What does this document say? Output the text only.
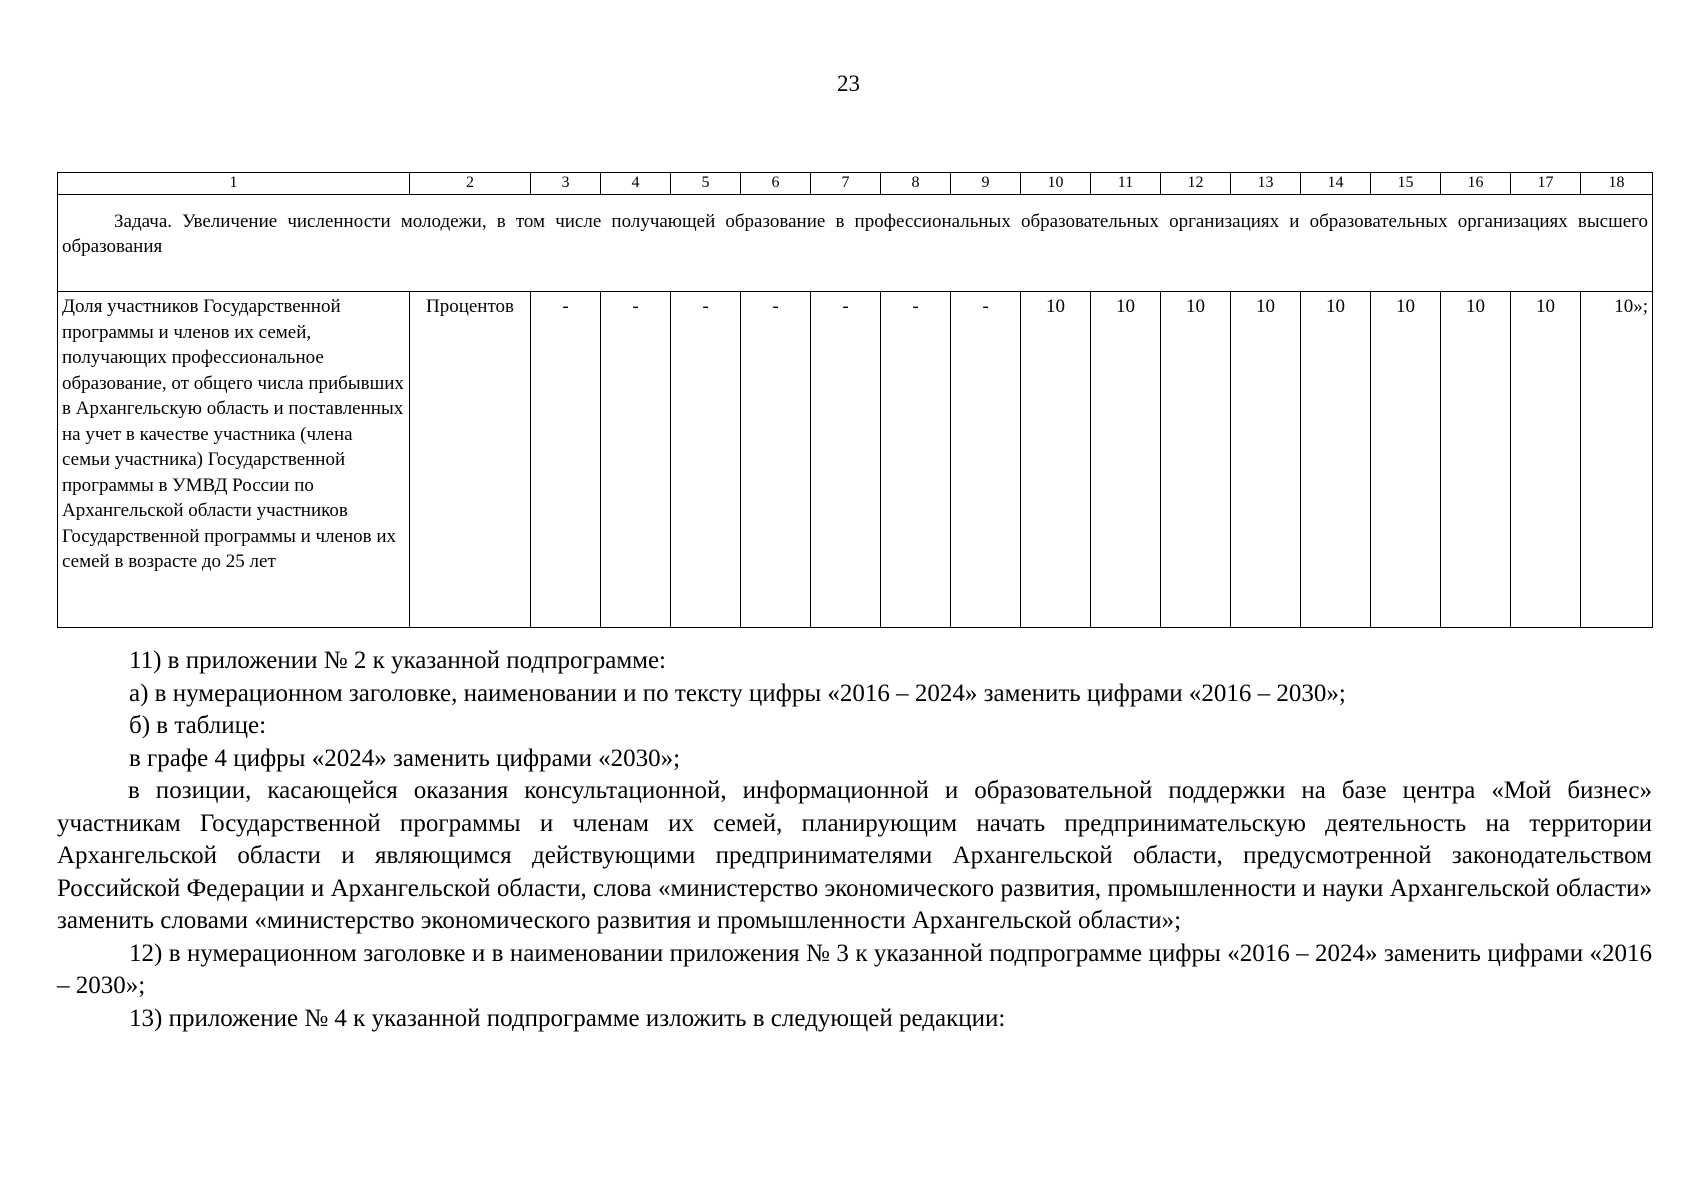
23
1	2	3	4	5	6	7	8	9	10	11	12	13	14	15	16	17	18

Задача. Увеличение численности молодежи, в том числе получающей образование в профессиональных образовательных организациях и образовательных организациях высшего образования																	

Доля участников Государственной программы и членов их семей, получающих профессиональное образование, от общего числа прибывших в Архангельскую область и поставленных на учет в качестве участника (члена семьи участника) Государственной программы в УМВД России по Архангельской области участников Государственной программы и членов их семей в возрасте до 25 лет	Процентов	-	-	-	-	-	-	-	10	10	10	10	10	10	10	10	10»;

11) в приложении № 2 к указанной подпрограмме:

а) в нумерационном заголовке, наименовании и по тексту цифры «2016 – 2024» заменить цифрами «2016 – 2030»;

б) в таблице:

в графе 4 цифры «2024» заменить цифрами «2030»;

в позиции, касающейся оказания консультационной, информационной и образовательной поддержки на базе центра «Мой бизнес» участникам Государственной программы и членам их семей, планирующим начать предпринимательскую деятельность на территории Архангельской области и являющимся действующими предпринимателями Архангельской области, предусмотренной законодательством Российской Федерации и Архангельской области, слова «министерство экономического развития, промышленности и науки Архангельской области» заменить словами «министерство экономического развития и промышленности Архангельской области»;

12) в нумерационном заголовке и в наименовании приложения № 3 к указанной подпрограмме цифры «2016 – 2024» заменить цифрами «2016 – 2030»;

13) приложение № 4 к указанной подпрограмме изложить в следующей редакции:
